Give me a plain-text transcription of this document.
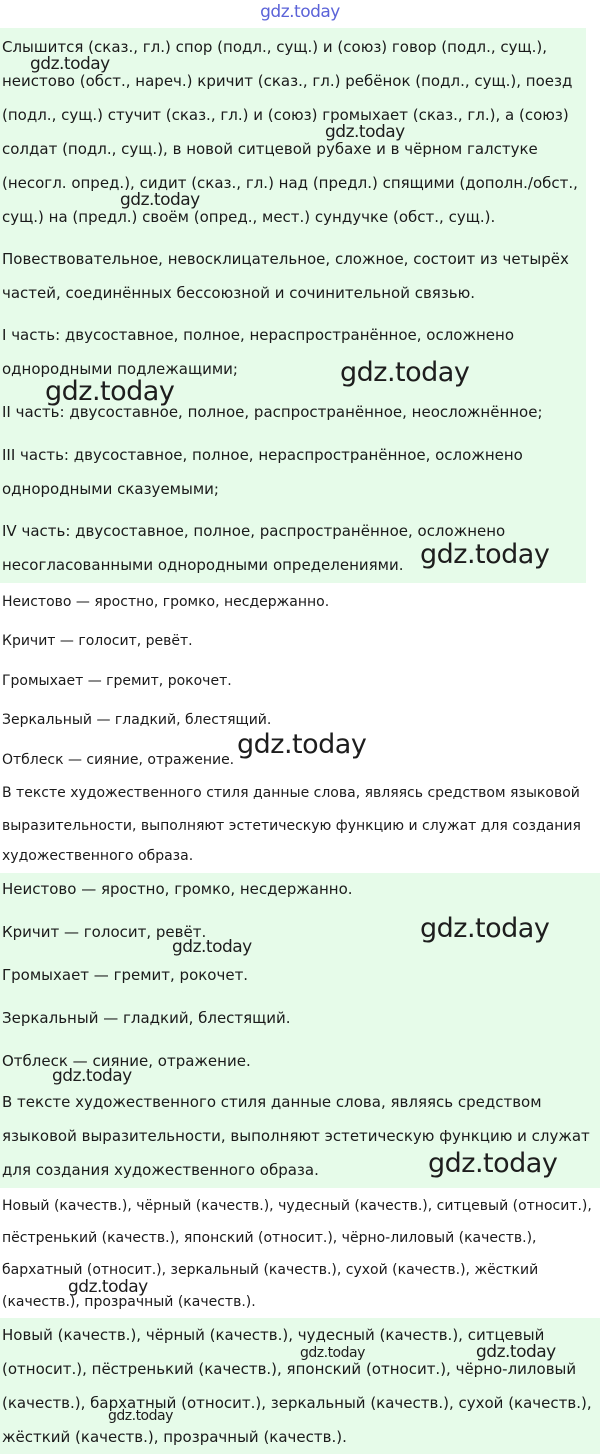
gdz.today
Слышится (сказ., гл.) спор (подл., сущ.) и (союз) говор (подл., сущ.),
неистово (обст., нареч.) кричит (сказ., гл.) ребёнок (подл., сущ.), поезд
(подл., сущ.) стучит (сказ., гл.) и (союз) громыхает (сказ., гл.), а (союз)
солдат (подл., сущ.), в новой ситцевой рубахе и в чёрном галстуке
(несогл. опред.), сидит (сказ., гл.) над (предл.) спящими (дополн./обст.,
сущ.) на (предл.) своём (опред., мест.) сундучке (обст., сущ.).
Повествовательное, невосклицательное, сложное, состоит из четырёх
частей, соединённых бессоюзной и сочинительной связью.
I часть: двусоставное, полное, нераспространённое, осложнено
однородными подлежащими;
II часть: двусоставное, полное, распространённое, неосложнённое;
III часть: двусоставное, полное, нераспространённое, осложнено
однородными сказуемыми;
IV часть: двусоставное, полное, распространённое, осложнено
несогласованными однородными определениями.
Неистово — яростно, громко, несдержанно.
Кричит — голосит, ревёт.
Громыхает — гремит, рокочет.
Зеркальный — гладкий, блестящий.
Отблеск — сияние, отражение.
В тексте художественного стиля данные слова, являясь средством языковой
выразительности, выполняют эстетическую функцию и служат для создания
художественного образа.
Неистово — яростно, громко, несдержанно.
Кричит — голосит, ревёт.
Громыхает — гремит, рокочет.
Зеркальный — гладкий, блестящий.
Отблеск — сияние, отражение.
В тексте художественного стиля данные слова, являясь средством
языковой выразительности, выполняют эстетическую функцию и служат
для создания художественного образа.
Новый (качеств.), чёрный (качеств.), чудесный (качеств.), ситцевый (относит.),
пёстренький (качеств.), японский (относит.), чёрно-лиловый (качеств.),
бархатный (относит.), зеркальный (качеств.), сухой (качеств.), жёсткий
(качеств.), прозрачный (качеств.).
Новый (качеств.), чёрный (качеств.), чудесный (качеств.), ситцевый
(относит.), пёстренький (качеств.), японский (относит.), чёрно-лиловый
(качеств.), бархатный (относит.), зеркальный (качеств.), сухой (качеств.),
жёсткий (качеств.), прозрачный (качеств.).
gdz.today
gdz.today
gdz.today
gdz.today
gdz.today
gdz.today
gdz.today
gdz.today
gdz.today
gdz.today
gdz.today
gdz.today
gdz.today
gdz.today
gdz.today
